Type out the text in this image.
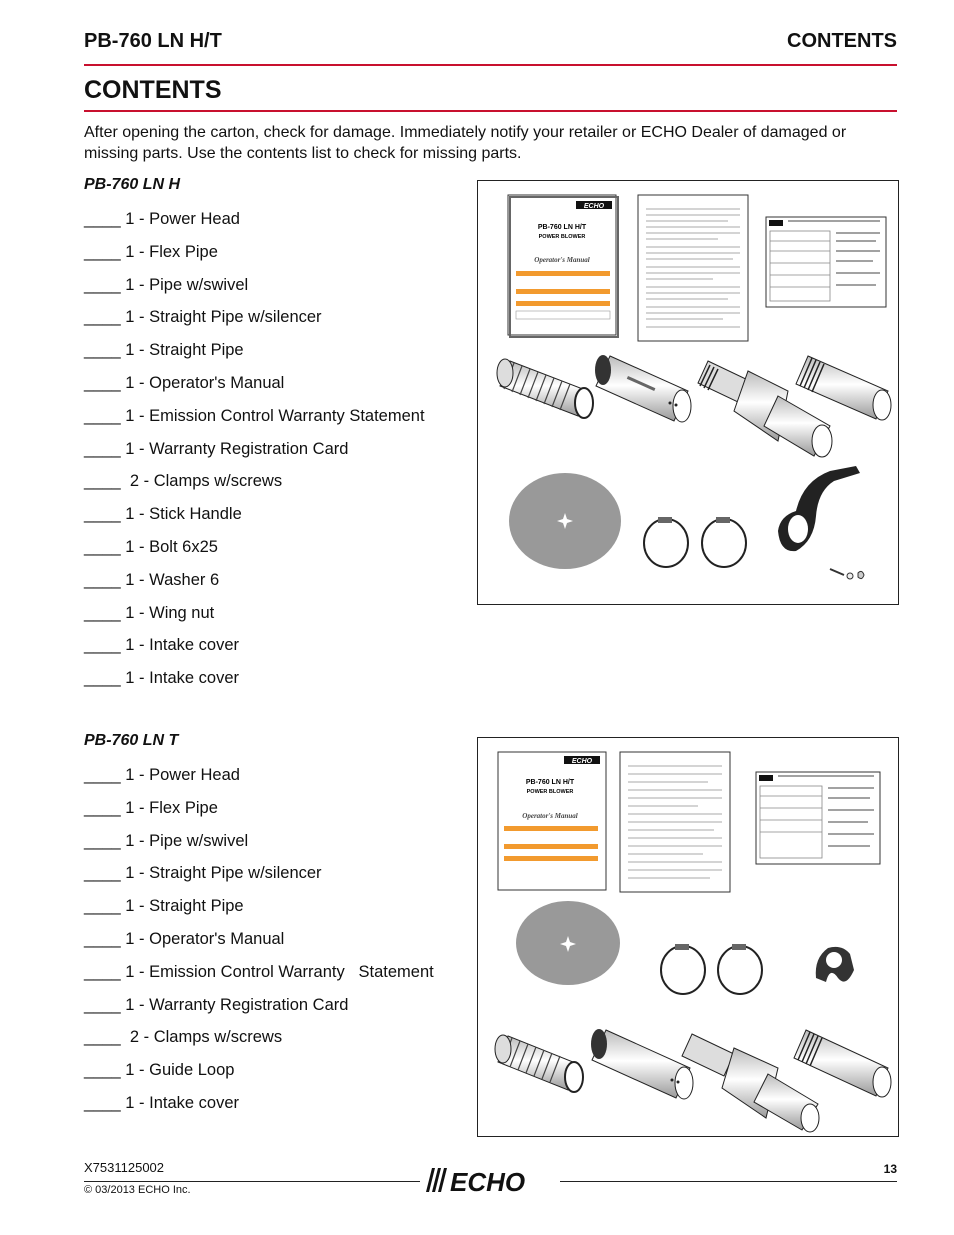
PB-760 LN H/T	CONTENTS
CONTENTS
After opening the carton, check for damage. Immediately notify your retailer or ECHO Dealer of damaged or missing parts. Use the contents list to check for missing parts.
PB-760 LN H
____ 1 - Power Head
____ 1 - Flex Pipe
____ 1 - Pipe w/swivel
____ 1 - Straight Pipe w/silencer
____ 1 - Straight Pipe
____ 1 - Operator's Manual
____ 1 - Emission Control Warranty Statement
____ 1 - Warranty Registration Card
____  2 - Clamps w/screws
____ 1 - Stick Handle
____ 1 - Bolt 6x25
____ 1 - Washer 6
____ 1 - Wing nut
____ 1 - Intake cover
____ 1 - Intake cover
PB-760 LN T
____ 1 - Power Head
____ 1 - Flex Pipe
____ 1 - Pipe w/swivel
____ 1 - Straight Pipe w/silencer
____ 1 - Straight Pipe
____ 1 - Operator's Manual
____ 1 - Emission Control Warranty   Statement
____ 1 - Warranty Registration Card
____  2 - Clamps w/screws
____ 1 - Guide Loop
____ 1 - Intake cover
ECHO
PB-760 LN H/T
POWER BLOWER
Operator's Manual
ECHO
PB-760 LN H/T
POWER BLOWER
Operator's Manual
X7531125002
© 03/2013 ECHO Inc.
13
ECHO
